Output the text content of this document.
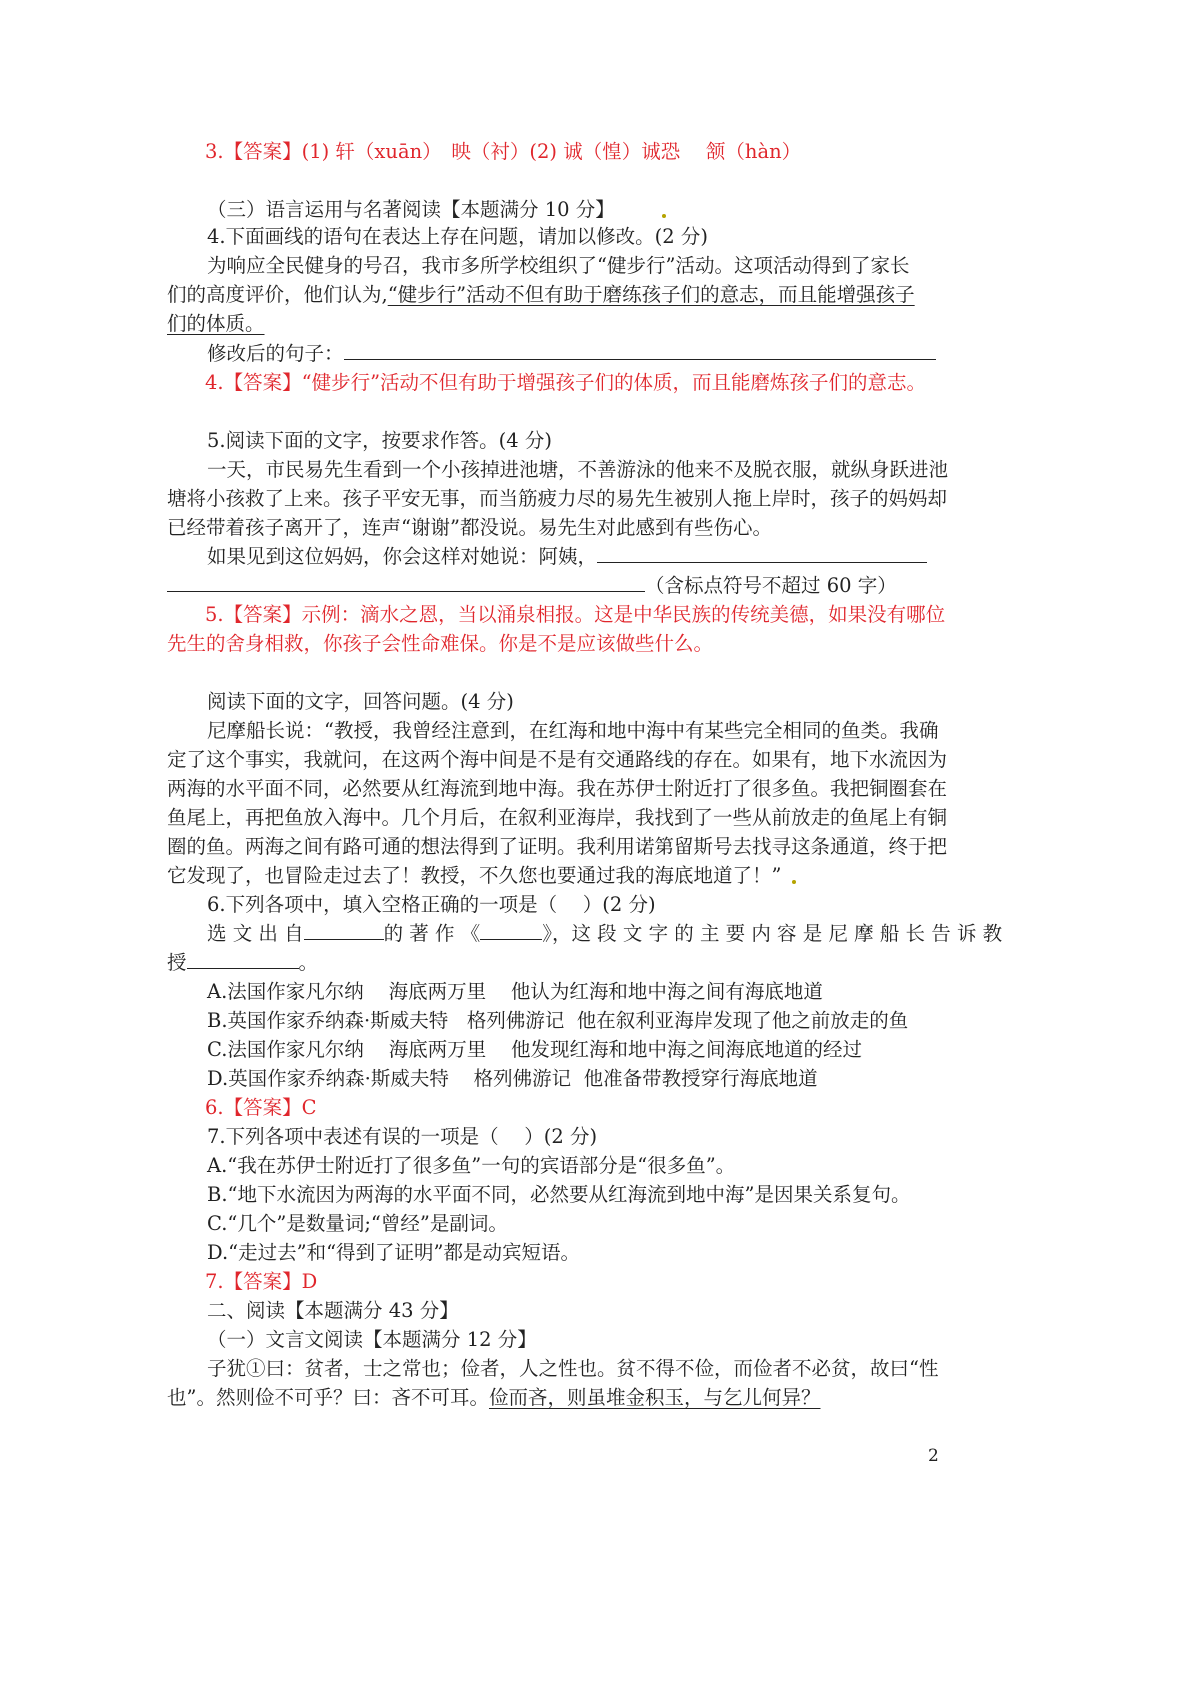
3.【答案】(1) 轩（xuān）　映（衬）(2) 诚（惶）诚恐　 颔（hàn）
（三）语言运用与名著阅读【本题满分 10 分】
4.下面画线的语句在表达上存在问题，请加以修改。(2 分)
为响应全民健身的号召，我市多所学校组织了“健步行”活动。这项活动得到了家长
们的高度评价，他们认为,“健步行”活动不但有助于磨练孩子们的意志，而且能增强孩子
们的体质。
修改后的句子：
4.【答案】“健步行”活动不但有助于增强孩子们的体质，而且能磨炼孩子们的意志。
5.阅读下面的文字，按要求作答。(4 分)
一天，市民易先生看到一个小孩掉进池塘，不善游泳的他来不及脱衣服，就纵身跃进池
塘将小孩救了上来。孩子平安无事，而当筋疲力尽的易先生被别人拖上岸时，孩子的妈妈却
已经带着孩子离开了，连声“谢谢”都没说。易先生对此感到有些伤心。
如果见到这位妈妈，你会这样对她说：阿姨，
（含标点符号不超过 60 字）
5.【答案】示例：滴水之恩，当以涌泉相报。这是中华民族的传统美德，如果没有哪位
先生的舍身相救，你孩子会性命难保。你是不是应该做些什么。
阅读下面的文字，回答问题。(4 分)
尼摩船长说：“教授，我曾经注意到，在红海和地中海中有某些完全相同的鱼类。我确
定了这个事实，我就问，在这两个海中间是不是有交通路线的存在。如果有，地下水流因为
两海的水平面不同，必然要从红海流到地中海。我在苏伊士附近打了很多鱼。我把铜圈套在
鱼尾上，再把鱼放入海中。几个月后，在叙利亚海岸，我找到了一些从前放走的鱼尾上有铜
圈的鱼。两海之间有路可通的想法得到了证明。我利用诺第留斯号去找寻这条通道，终于把
它发现了，也冒险走过去了！教授，不久您也要通过我的海底地道了！”
6.下列各项中，填入空格正确的一项是（　 ）(2 分)
选 文 出 自	的 著 作 《	》，这 段 文 字 的 主 要 内 容 是 尼 摩 船 长 告 诉 教
授	。
A.法国作家凡尔纳 海底两万里 他认为红海和地中海之间有海底地道
B.英国作家乔纳森·斯威夫特 格列佛游记 他在叙利亚海岸发现了他之前放走的鱼
C.法国作家凡尔纳 海底两万里 他发现红海和地中海之间海底地道的经过
D.英国作家乔纳森·斯威夫特 格列佛游记 他准备带教授穿行海底地道
6.【答案】C
7.下列各项中表述有误的一项是（　 ）(2 分)
A.“我在苏伊士附近打了很多鱼”一句的宾语部分是“很多鱼”。
B.“地下水流因为两海的水平面不同，必然要从红海流到地中海”是因果关系复句。
C.“几个”是数量词;“曾经”是副词。
D.“走过去”和“得到了证明”都是动宾短语。
7.【答案】D
二、阅读【本题满分 43 分】
（一）文言文阅读【本题满分 12 分】
子犹①曰：贫者，士之常也；俭者，人之性也。贫不得不俭，而俭者不必贫，故曰“性
也”。然则俭不可乎？曰：吝不可耳。俭而吝，则虽堆金积玉，与乞儿何异？
2
